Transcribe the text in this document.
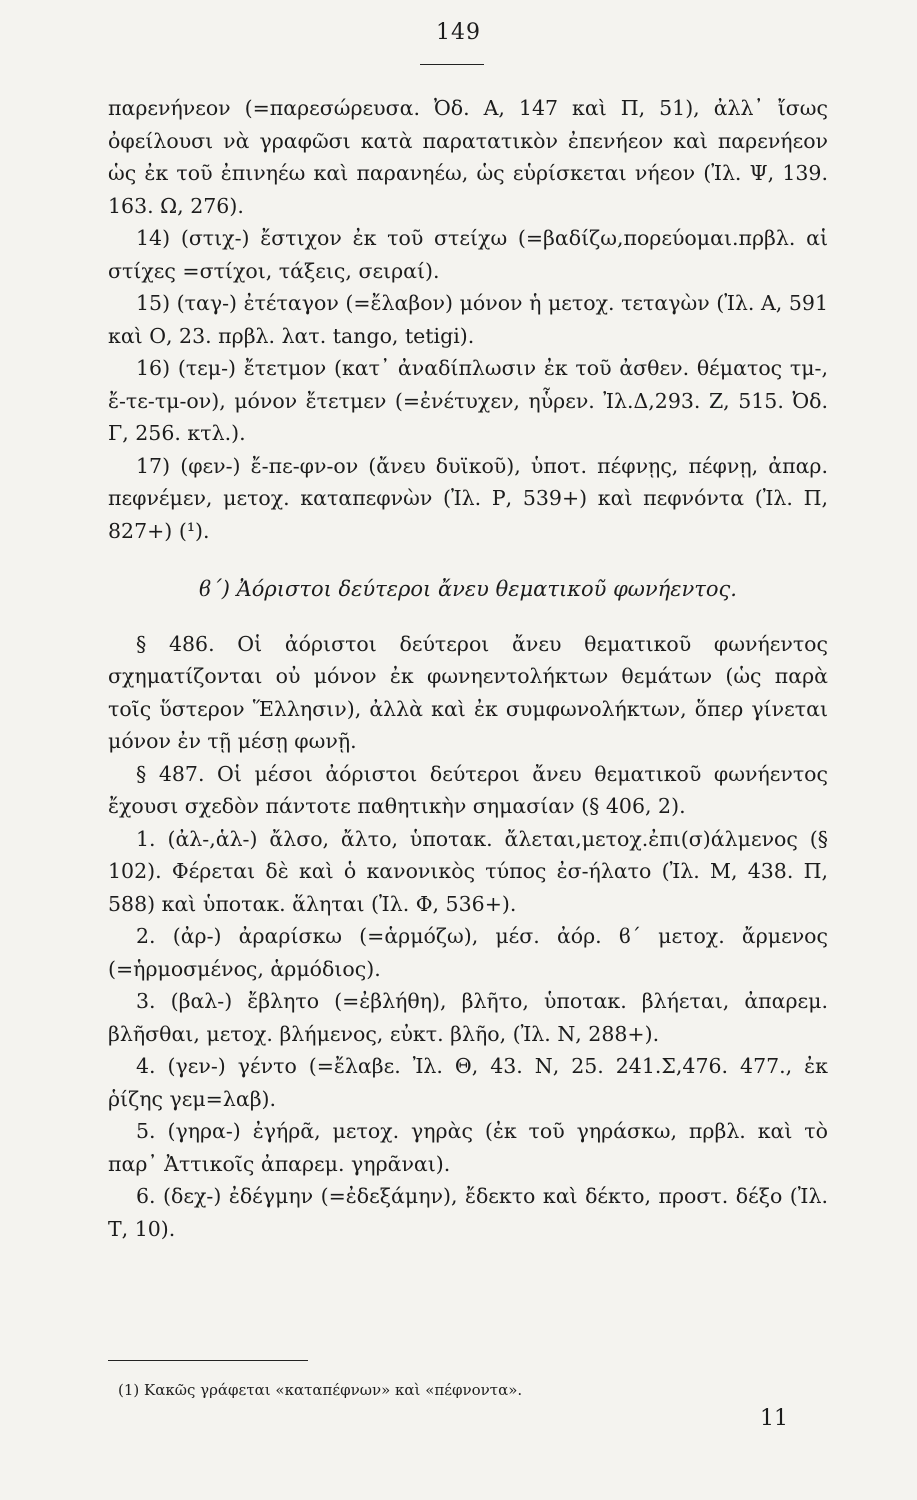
149

παρενήνεον (=παρεσώρευσα. Ὀδ. Α, 147 καὶ Π, 51), ἀλλ᾽ ἴσως ὀφείλουσι νὰ γραφῶσι κατὰ παρατατικὸν ἐπενήεον καὶ παρενήεον ὡς ἐκ τοῦ ἐπινηέω καὶ παρανηέω, ὡς εὑρίσκεται νήεον (Ἰλ. Ψ, 139. 163. Ω, 276).

14) (στιχ-) ἔστιχον ἐκ τοῦ στείχω (=βαδίζω,πορεύομαι.πρβλ. αἱ στίχες =στίχοι, τάξεις, σειραί).

15) (ταγ-) ἐτέταγον (=ἔλαβον) μόνον ἡ μετοχ. τεταγὼν (Ἰλ. Α, 591 καὶ Ο, 23. πρβλ. λατ. tango, tetigi).

16) (τεμ-) ἔτετμον (κατ᾽ ἀναδίπλωσιν ἐκ τοῦ ἀσθεν. θέματος τμ-, ἔ-τε-τμ-ον), μόνον ἔτετμεν (=ἐνέτυχεν, ηὗρεν. Ἰλ.Δ,293. Ζ, 515. Ὀδ. Γ, 256. κτλ.).

17) (φεν-) ἔ-πε-φν-ον (ἄνευ δυϊκοῦ), ὑποτ. πέφνῃς, πέφνῃ, ἀπαρ. πεφνέμεν, μετοχ. καταπεφνὼν (Ἰλ. Ρ, 539+) καὶ πεφνόντα (Ἰλ. Π, 827+) (¹).

ϐ´) Ἀόριστοι δεύτεροι ἄνευ θεματικοῦ φωνήεντος.

§ 486. Οἱ ἀόριστοι δεύτεροι ἄνευ θεματικοῦ φωνήεντος σχηματίζονται οὐ μόνον ἐκ φωνηεντολήκτων θεμάτων (ὡς παρὰ τοῖς ὕστερον Ἕλλησιν), ἀλλὰ καὶ ἐκ συμφωνολήκτων, ὅπερ γίνεται μόνον ἐν τῇ μέσῃ φωνῇ.

§ 487. Οἱ μέσοι ἀόριστοι δεύτεροι ἄνευ θεματικοῦ φωνήεντος ἔχουσι σχεδὸν πάντοτε παθητικὴν σημασίαν (§ 406, 2).

1. (ἀλ-,ἁλ-) ἄλσο, ἄλτο, ὑποτακ. ἄλεται,μετοχ.ἐπι(σ)άλμενος (§ 102). Φέρεται δὲ καὶ ὁ κανονικὸς τύπος ἐσ-ήλατο (Ἰλ. Μ, 438. Π, 588) καὶ ὑποτακ. ἅληται (Ἰλ. Φ, 536+).

2. (ἀρ-) ἀραρίσκω (=ἁρμόζω), μέσ. ἀόρ. ϐ´ μετοχ. ἄρμενος (=ἡρμοσμένος, ἁρμόδιος).

3. (βαλ-) ἔβλητο (=ἐβλήθη), βλῆτο, ὑποτακ. βλήεται, ἀπαρεμ. βλῆσθαι, μετοχ. βλήμενος, εὐκτ. βλῆο, (Ἰλ. Ν, 288+).

4. (γεν-) γέντο (=ἔλαβε. Ἰλ. Θ, 43. Ν, 25. 241.Σ,476. 477., ἐκ ῥίζης γεμ=λαβ).

5. (γηρα-) ἐγήρᾶ, μετοχ. γηρὰς (ἐκ τοῦ γηράσκω, πρβλ. καὶ τὸ παρ᾽ Ἀττικοῖς ἀπαρεμ. γηρᾶναι).

6. (δεχ-) ἐδέγμην (=ἐδεξάμην), ἔδεκτο καὶ δέκτο, προστ. δέξο (Ἰλ. Τ, 10).

(1) Κακῶς γράφεται «καταπέφνων» καὶ «πέφνοντα».
11
